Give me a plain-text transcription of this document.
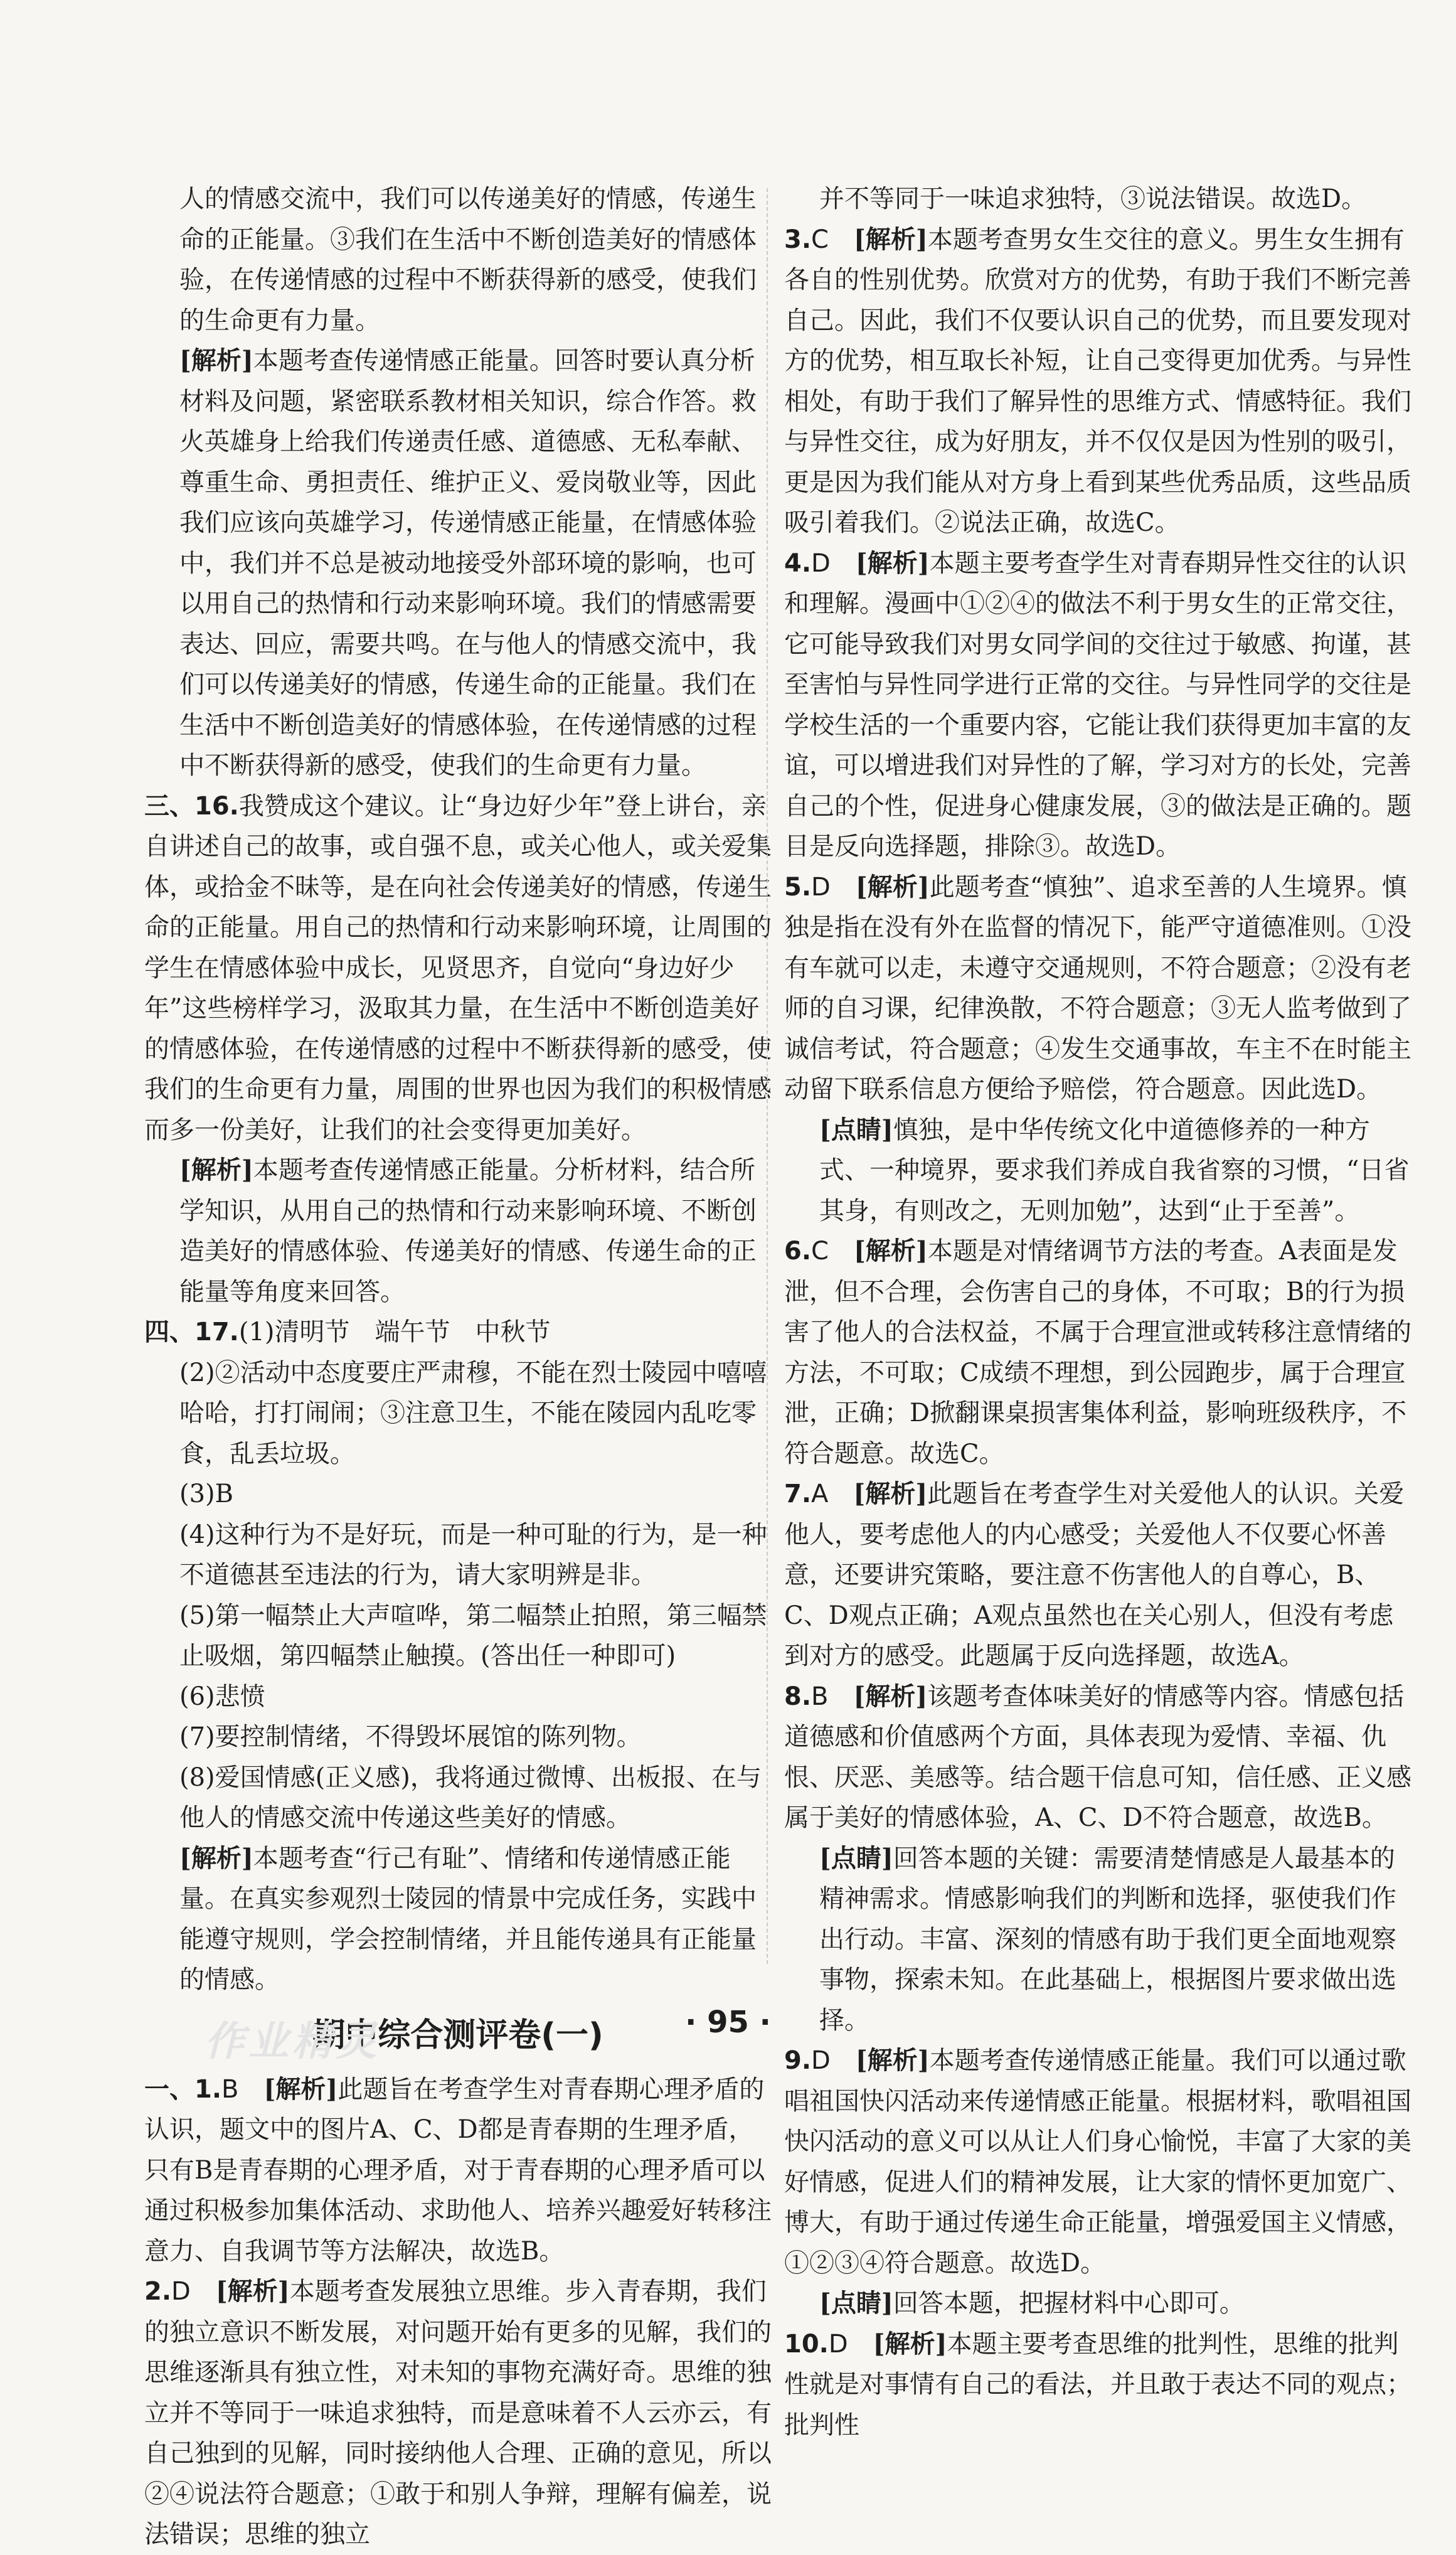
人的情感交流中，我们可以传递美好的情感，传递生命的正能量。③我们在生活中不断创造美好的情感体验，在传递情感的过程中不断获得新的感受，使我们的生命更有力量。

[解析]本题考查传递情感正能量。回答时要认真分析材料及问题，紧密联系教材相关知识，综合作答。救火英雄身上给我们传递责任感、道德感、无私奉献、尊重生命、勇担责任、维护正义、爱岗敬业等，因此我们应该向英雄学习，传递情感正能量，在情感体验中，我们并不总是被动地接受外部环境的影响，也可以用自己的热情和行动来影响环境。我们的情感需要表达、回应，需要共鸣。在与他人的情感交流中，我们可以传递美好的情感，传递生命的正能量。我们在生活中不断创造美好的情感体验，在传递情感的过程中不断获得新的感受，使我们的生命更有力量。

三、16.我赞成这个建议。让“身边好少年”登上讲台，亲自讲述自己的故事，或自强不息，或关心他人，或关爱集体，或拾金不昧等，是在向社会传递美好的情感，传递生命的正能量。用自己的热情和行动来影响环境，让周围的学生在情感体验中成长，见贤思齐，自觉向“身边好少年”这些榜样学习，汲取其力量，在生活中不断创造美好的情感体验，在传递情感的过程中不断获得新的感受，使我们的生命更有力量，周围的世界也因为我们的积极情感而多一份美好，让我们的社会变得更加美好。

[解析]本题考查传递情感正能量。分析材料，结合所学知识，从用自己的热情和行动来影响环境、不断创造美好的情感体验、传递美好的情感、传递生命的正能量等角度来回答。

四、17.(1)清明节　端午节　中秋节

(2)②活动中态度要庄严肃穆，不能在烈士陵园中嘻嘻哈哈，打打闹闹；③注意卫生，不能在陵园内乱吃零食，乱丢垃圾。

(3)B

(4)这种行为不是好玩，而是一种可耻的行为，是一种不道德甚至违法的行为，请大家明辨是非。

(5)第一幅禁止大声喧哗，第二幅禁止拍照，第三幅禁止吸烟，第四幅禁止触摸。(答出任一种即可)

(6)悲愤

(7)要控制情绪，不得毁坏展馆的陈列物。

(8)爱国情感(正义感)，我将通过微博、出板报、在与他人的情感交流中传递这些美好的情感。

[解析]本题考查“行己有耻”、情绪和传递情感正能量。在真实参观烈士陵园的情景中完成任务，实践中能遵守规则，学会控制情绪，并且能传递具有正能量的情感。

作业精灵
期中综合测评卷(一)

一、1.B　 [解析]此题旨在考查学生对青春期心理矛盾的认识，题文中的图片A、C、D都是青春期的生理矛盾，只有B是青春期的心理矛盾，对于青春期的心理矛盾可以通过积极参加集体活动、求助他人、培养兴趣爱好转移注意力、自我调节等方法解决，故选B。

2.D　 [解析]本题考查发展独立思维。步入青春期，我们的独立意识不断发展，对问题开始有更多的见解，我们的思维逐渐具有独立性，对未知的事物充满好奇。思维的独立并不等同于一味追求独特，而是意味着不人云亦云，有自己独到的见解，同时接纳他人合理、正确的意见，所以②④说法符合题意；①敢于和别人争辩，理解有偏差，说法错误；思维的独立

并不等同于一味追求独特，③说法错误。故选D。

3.C　 [解析]本题考查男女生交往的意义。男生女生拥有各自的性别优势。欣赏对方的优势，有助于我们不断完善自己。因此，我们不仅要认识自己的优势，而且要发现对方的优势，相互取长补短，让自己变得更加优秀。与异性相处，有助于我们了解异性的思维方式、情感特征。我们与异性交往，成为好朋友，并不仅仅是因为性别的吸引，更是因为我们能从对方身上看到某些优秀品质，这些品质吸引着我们。②说法正确，故选C。

4.D　 [解析]本题主要考查学生对青春期异性交往的认识和理解。漫画中①②④的做法不利于男女生的正常交往，它可能导致我们对男女同学间的交往过于敏感、拘谨，甚至害怕与异性同学进行正常的交往。与异性同学的交往是学校生活的一个重要内容，它能让我们获得更加丰富的友谊，可以增进我们对异性的了解，学习对方的长处，完善自己的个性，促进身心健康发展，③的做法是正确的。题目是反向选择题，排除③。故选D。

5.D　 [解析]此题考查“慎独”、追求至善的人生境界。慎独是指在没有外在监督的情况下，能严守道德准则。①没有车就可以走，未遵守交通规则，不符合题意；②没有老师的自习课，纪律涣散，不符合题意；③无人监考做到了诚信考试，符合题意；④发生交通事故，车主不在时能主动留下联系信息方便给予赔偿，符合题意。因此选D。

[点睛]慎独，是中华传统文化中道德修养的一种方式、一种境界，要求我们养成自我省察的习惯，“日省其身，有则改之，无则加勉”，达到“止于至善”。

6.C　 [解析]本题是对情绪调节方法的考查。A表面是发泄，但不合理，会伤害自己的身体，不可取；B的行为损害了他人的合法权益，不属于合理宣泄或转移注意情绪的方法，不可取；C成绩不理想，到公园跑步，属于合理宣泄，正确；D掀翻课桌损害集体利益，影响班级秩序，不符合题意。故选C。

7.A　 [解析]此题旨在考查学生对关爱他人的认识。关爱他人，要考虑他人的内心感受；关爱他人不仅要心怀善意，还要讲究策略，要注意不伤害他人的自尊心，B、C、D观点正确；A观点虽然也在关心别人，但没有考虑到对方的感受。此题属于反向选择题，故选A。

8.B　 [解析]该题考查体味美好的情感等内容。情感包括道德感和价值感两个方面，具体表现为爱情、幸福、仇恨、厌恶、美感等。结合题干信息可知，信任感、正义感属于美好的情感体验，A、C、D不符合题意，故选B。

[点睛]回答本题的关键：需要清楚情感是人最基本的精神需求。情感影响我们的判断和选择，驱使我们作出行动。丰富、深刻的情感有助于我们更全面地观察事物，探索未知。在此基础上，根据图片要求做出选择。

9.D　 [解析]本题考查传递情感正能量。我们可以通过歌唱祖国快闪活动来传递情感正能量。根据材料，歌唱祖国快闪活动的意义可以从让人们身心愉悦，丰富了大家的美好情感，促进人们的精神发展，让大家的情怀更加宽广、博大，有助于通过传递生命正能量，增强爱国主义情感，①②③④符合题意。故选D。

[点睛]回答本题，把握材料中心即可。

10.D　 [解析]本题主要考查思维的批判性，思维的批判性就是对事情有自己的看法，并且敢于表达不同的观点；批判性

· 95 ·
